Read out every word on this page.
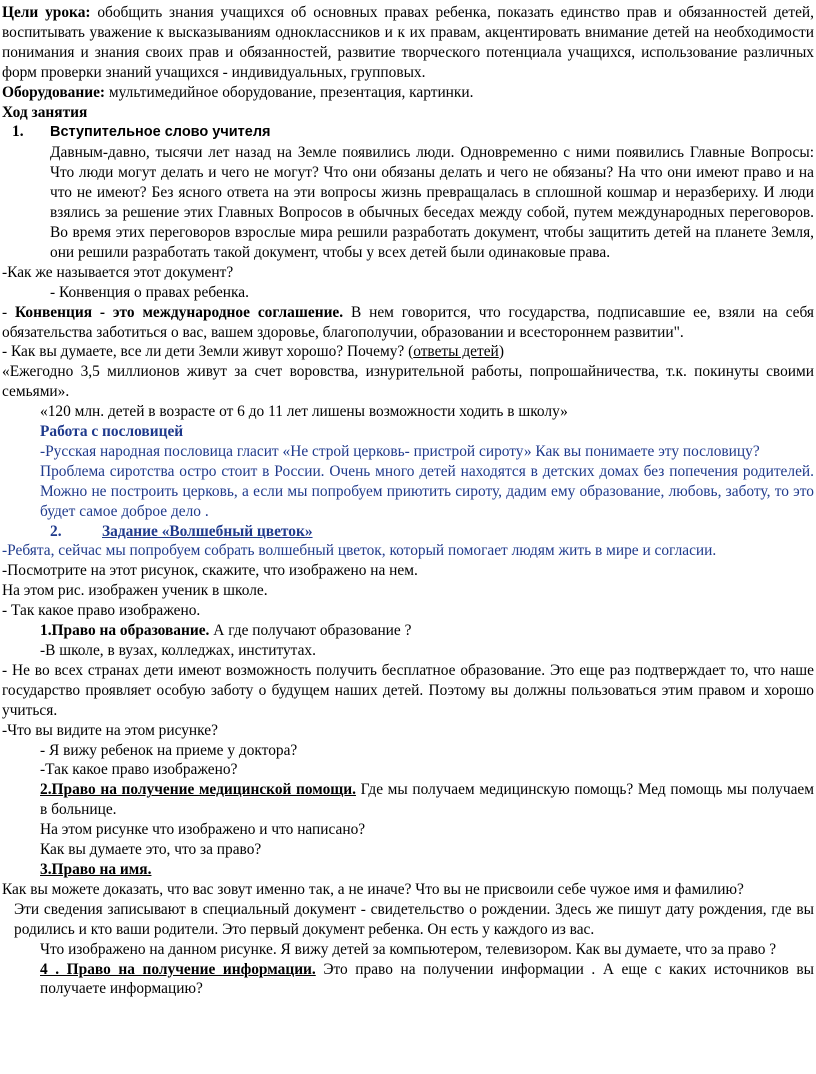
Цели урока: обобщить знания учащихся об основных правах ребенка, показать единство прав и обязанностей детей, воспитывать уважение к высказываниям одноклассников и к их правам, акцентировать внимание детей на необходимости понимания и знания своих прав и обязанностей, развитие творческого потенциала учащихся, использование различных форм проверки знаний учащихся - индивидуальных, групповых.

Оборудование: мультимедийное оборудование, презентация, картинки.

Ход занятия

1. Вступительное слово учителя

Давным-давно, тысячи лет назад на Земле появились люди. Одновременно с ними появились Главные Вопросы: Что люди могут делать и чего не могут? Что они обязаны делать и чего не обязаны? На что они имеют право и на что не имеют? Без ясного ответа на эти вопросы жизнь превращалась в сплошной кошмар и неразбериху. И люди взялись за решение этих Главных Вопросов в обычных беседах между собой, путем международных переговоров. Во время этих переговоров взрослые мира решили разработать документ, чтобы защитить детей на планете Земля, они решили разработать такой документ, чтобы у всех детей были одинаковые права.

-Как же называется этот документ?

- Конвенция о правах ребенка.

- Конвенция - это международное соглашение. В нем говорится, что государства, подписавшие ее, взяли на себя обязательства заботиться о вас, вашем здоровье, благополучии, образовании и всестороннем развитии".

- Как вы думаете, все ли дети Земли живут хорошо? Почему? (ответы детей)

«Ежегодно 3,5 миллионов живут за счет воровства, изнурительной работы, попрошайничества, т.к. покинуты своими семьями».

«120 млн. детей в возрасте от 6 до 11 лет лишены возможности ходить в школу»

Работа с пословицей

-Русская народная пословица гласит «Не строй церковь- пристрой сироту» Как вы понимаете эту пословицу?

Проблема сиротства остро стоит в России. Очень много детей находятся в детских домах без попечения родителей. Можно не построить церковь, а если мы попробуем приютить сироту, дадим ему образование, любовь, заботу, то это будет самое доброе дело .

2.	Задание «Волшебный цветок»

-Ребята, сейчас мы попробуем собрать волшебный цветок, который помогает людям жить в мире и согласии.

-Посмотрите на этот рисунок, скажите, что изображено на нем.

На этом рис. изображен ученик в школе.

- Так какое право изображено.

1.Право на образование. А где получают образование ?

-В школе, в вузах, колледжах, институтах.

- Не во всех странах дети имеют возможность получить бесплатное образование. Это еще раз подтверждает то, что наше государство проявляет особую заботу о будущем наших детей. Поэтому вы должны пользоваться этим правом и хорошо учиться.

-Что вы видите на этом рисунке?

- Я вижу ребенок на приеме у доктора?

-Так какое право изображено?

2.Право на получение медицинской помощи. Где мы получаем медицинскую помощь? Мед помощь мы получаем в больнице.

На этом рисунке что изображено и что написано?

Как вы думаете это, что за право?

3.Право на имя.

Как вы можете доказать, что вас зовут именно так, а не иначе? Что вы не присвоили себе чужое имя и фамилию?

Эти сведения записывают в специальный документ - свидетельство о рождении. Здесь же пишут дату рождения, где вы родились и кто ваши родители. Это первый документ ребенка. Он есть у каждого из вас.

Что изображено на данном рисунке. Я вижу детей за компьютером, телевизором. Как вы думаете, что за право ?

4 . Право на получение информации. Это право на получении информации . А еще с каких источников вы получаете информацию?
